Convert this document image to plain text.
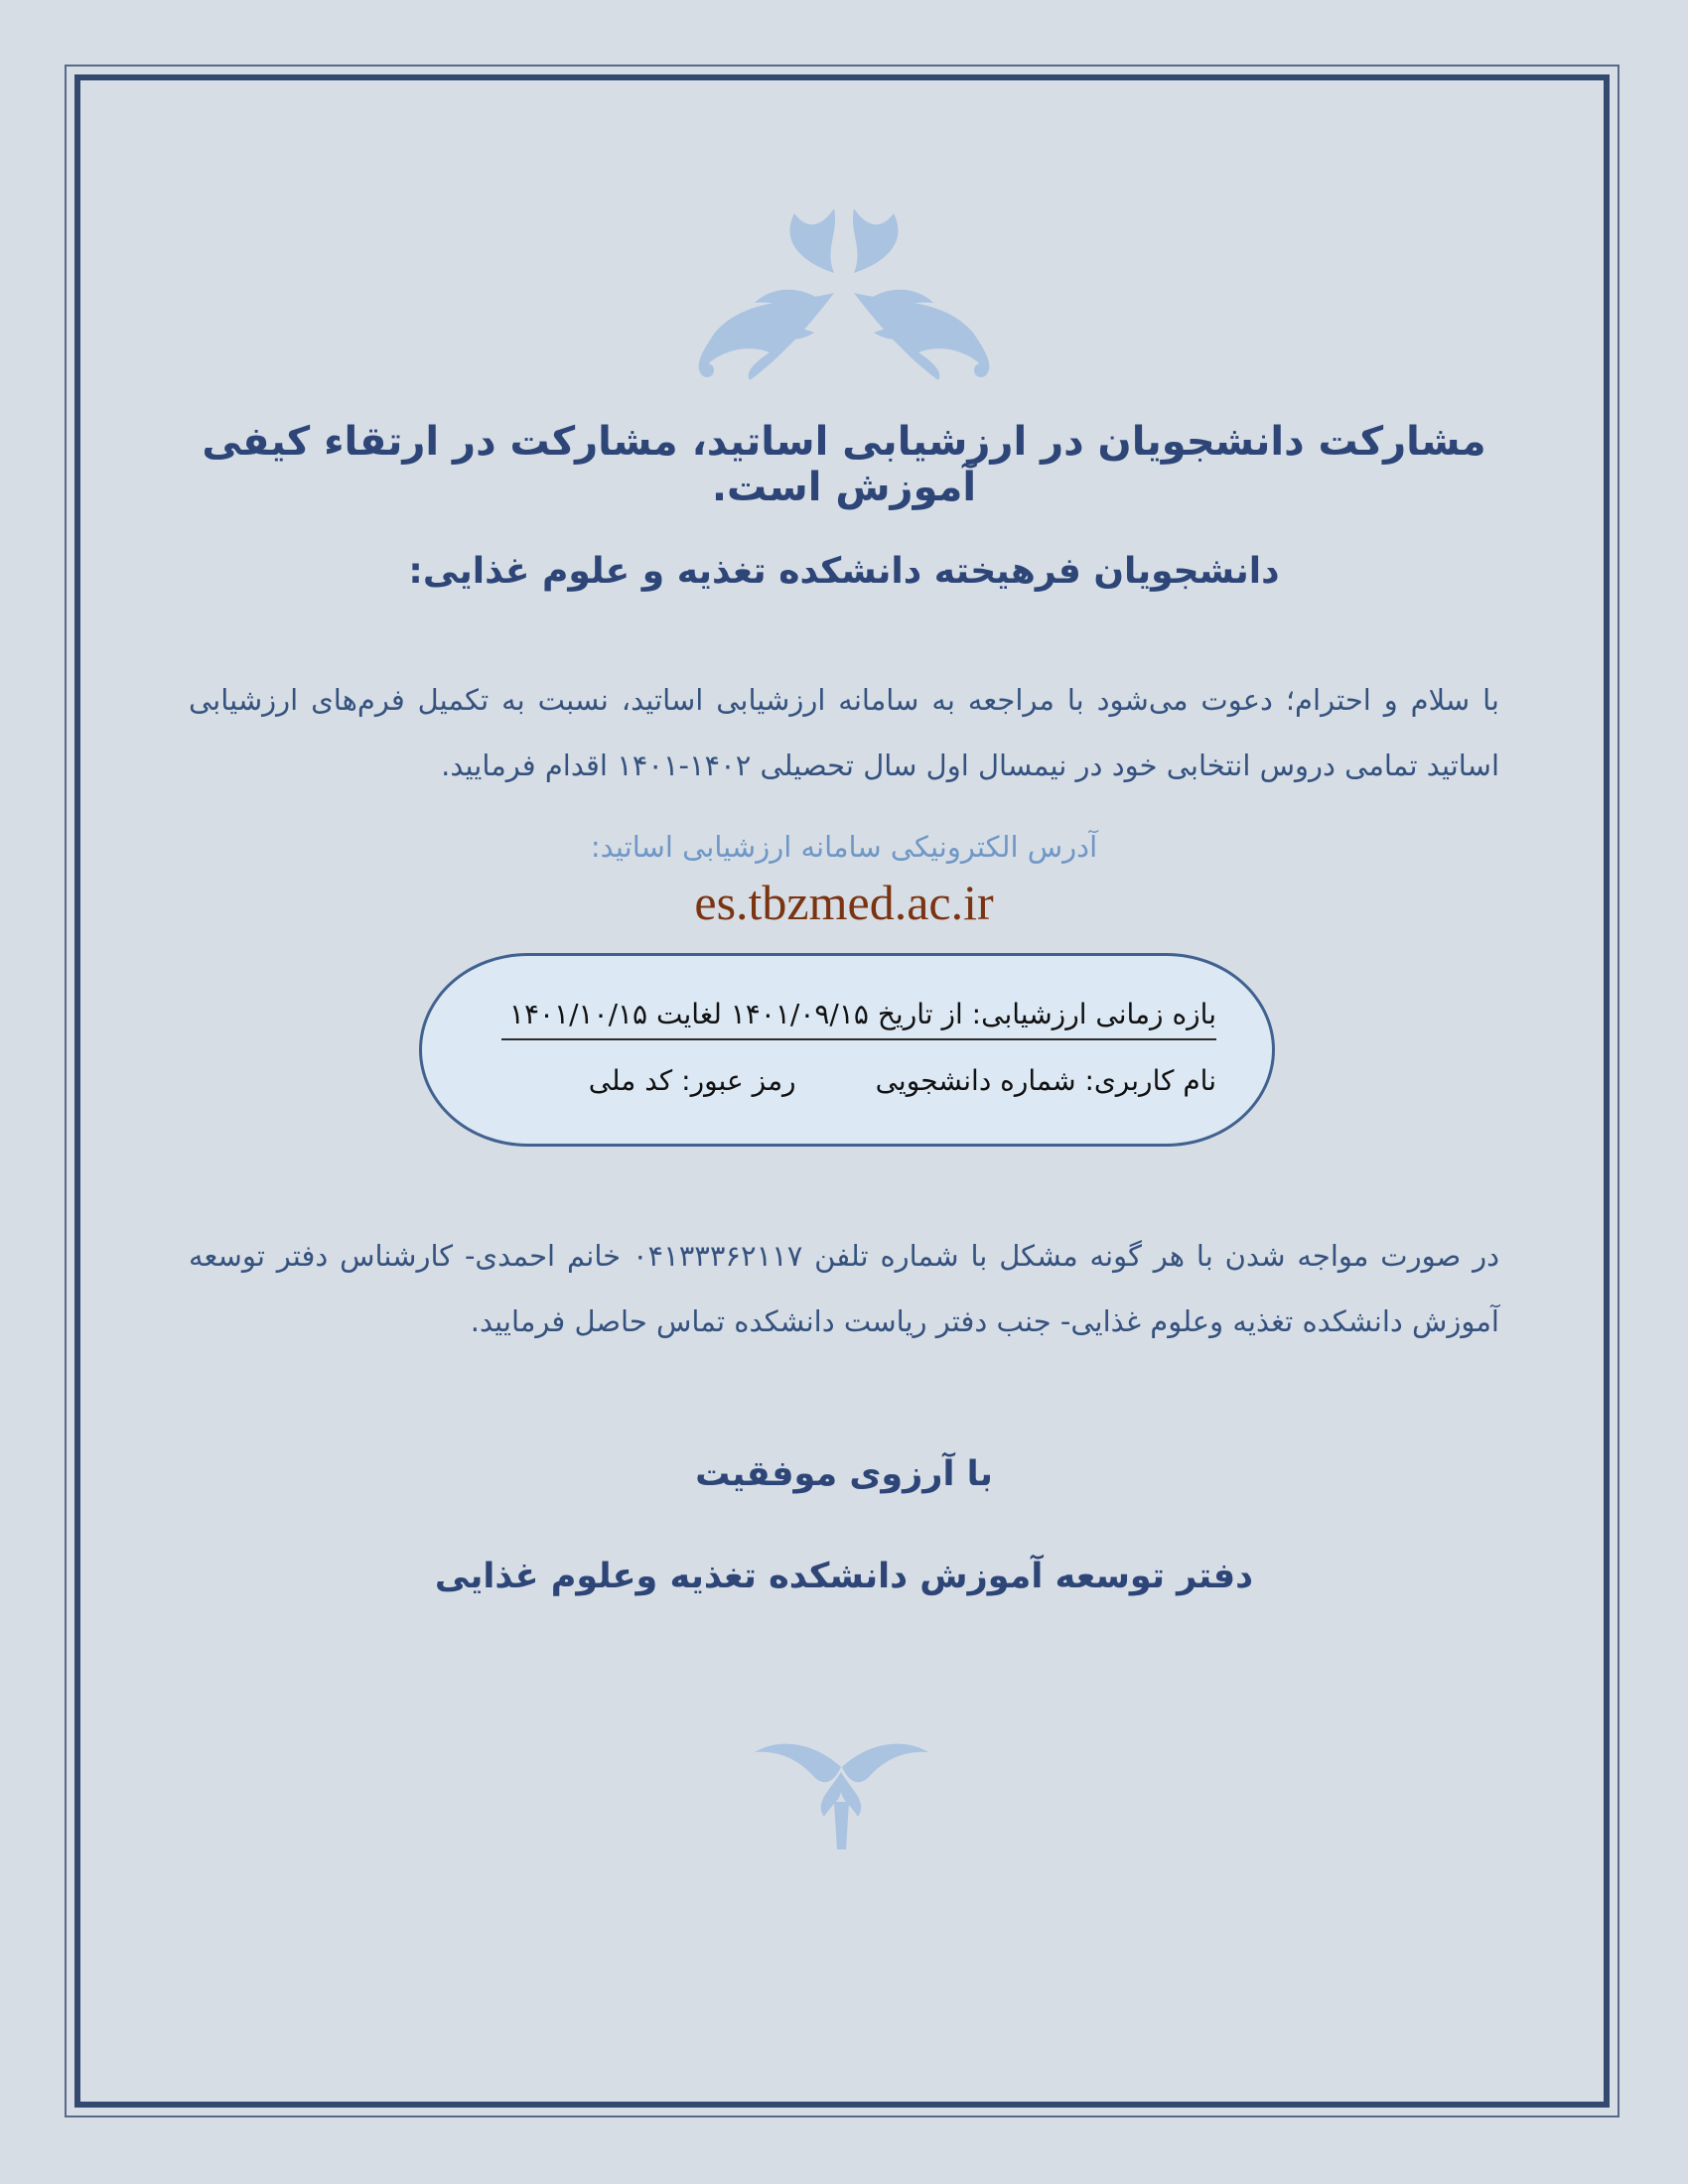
مشارکت دانشجویان در ارزشیابی اساتید، مشارکت در ارتقاء کیفی آموزش است.

دانشجویان فرهیخته دانشکده تغذیه و علوم غذایی:

با سلام و احترام؛ دعوت می‌شود با مراجعه به سامانه ارزشیابی اساتید، نسبت به تکمیل فرم‌های ارزشیابی اساتید تمامی دروس انتخابی خود در نیمسال اول سال تحصیلی ۱۴۰۲-۱۴۰۱ اقدام فرمایید.

آدرس الکترونیکی سامانه ارزشیابی اساتید:

es.tbzmed.ac.ir
بازه زمانی ارزشیابی: از تاریخ ۱۴۰۱/۰۹/۱۵ لغایت ۱۴۰۱/۱۰/۱۵
نام کاربری: شماره دانشجویی
رمز عبور: کد ملی

در صورت مواجه شدن با هر گونه مشکل با شماره تلفن ۰۴۱۳۳۳۶۲۱۱۷ خانم احمدی- کارشناس دفتر توسعه آموزش دانشکده تغذیه وعلوم غذایی- جنب دفتر ریاست دانشکده تماس حاصل فرمایید.

با آرزوی موفقیت

دفتر توسعه آموزش دانشکده تغذیه وعلوم غذایی
